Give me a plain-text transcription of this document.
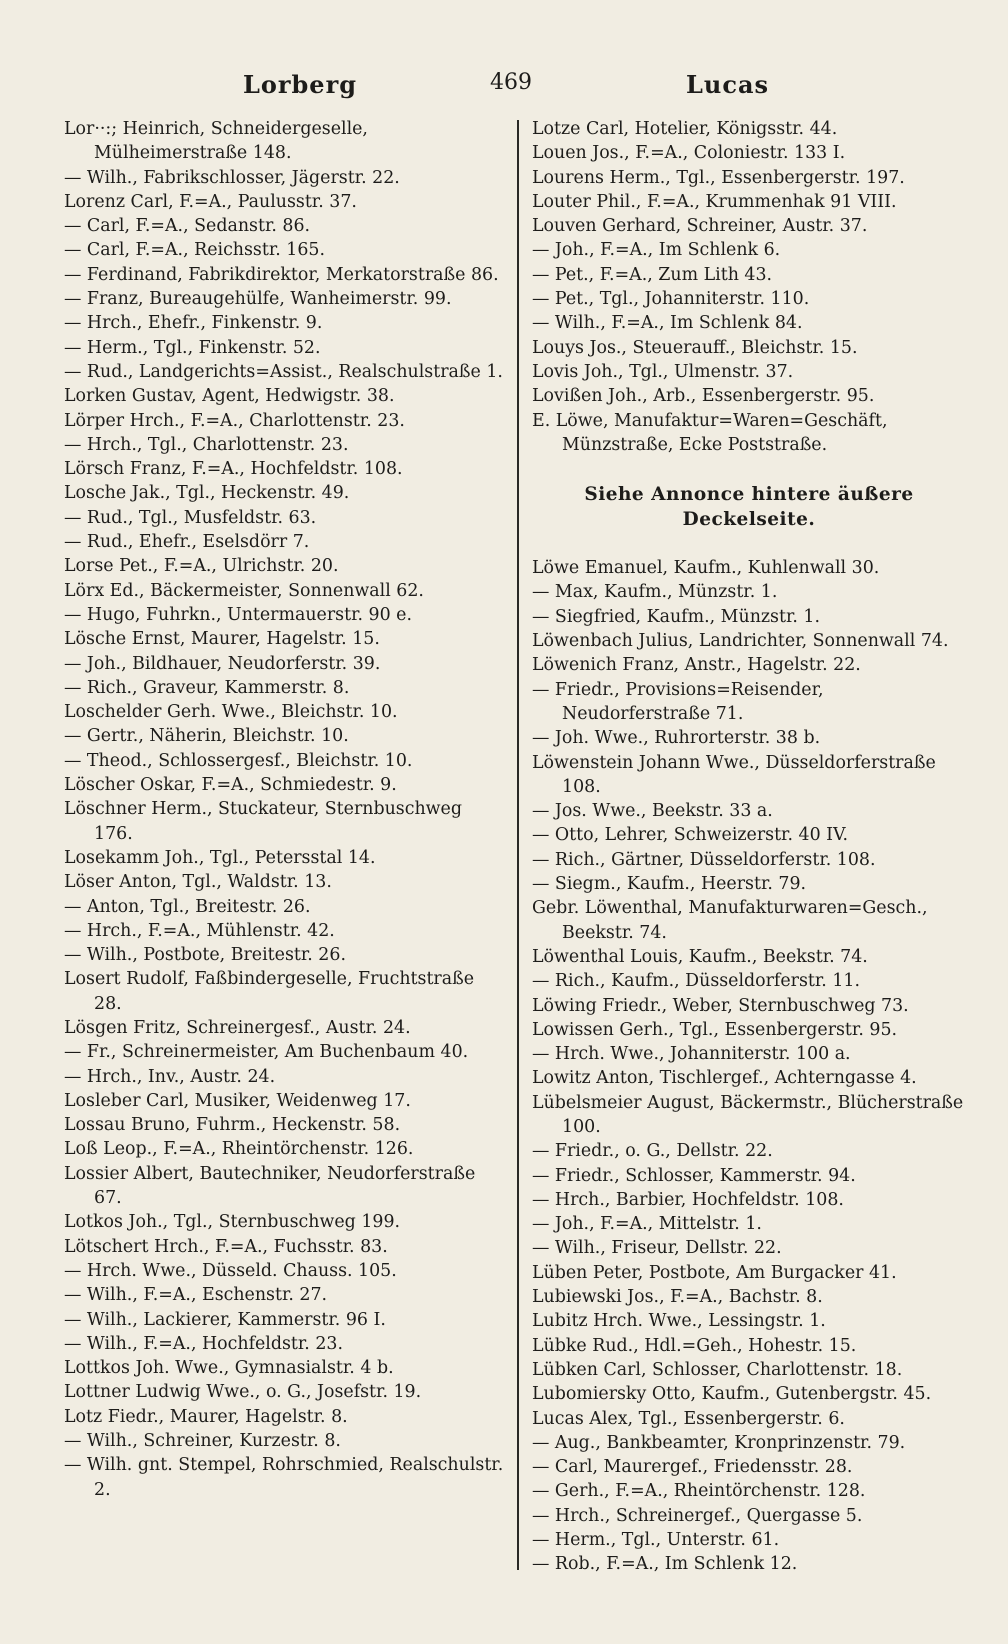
Lorberg	469	Lucas

Lor··:; Heinrich, Schneidergeselle, Mülheimerstraße 148.

— Wilh., Fabrikschlosser, Jägerstr. 22.

Lorenz Carl, F.=A., Paulusstr. 37.

— Carl, F.=A., Sedanstr. 86.

— Carl, F.=A., Reichsstr. 165.

— Ferdinand, Fabrikdirektor, Merkatorstraße 86.

— Franz, Bureaugehülfe, Wanheimerstr. 99.

— Hrch., Ehefr., Finkenstr. 9.

— Herm., Tgl., Finkenstr. 52.

— Rud., Landgerichts=Assist., Realschulstraße 1.

Lorken Gustav, Agent, Hedwigstr. 38.

Lörper Hrch., F.=A., Charlottenstr. 23.

— Hrch., Tgl., Charlottenstr. 23.

Lörsch Franz, F.=A., Hochfeldstr. 108.

Losche Jak., Tgl., Heckenstr. 49.

— Rud., Tgl., Musfeldstr. 63.

— Rud., Ehefr., Eselsdörr 7.

Lorse Pet., F.=A., Ulrichstr. 20.

Lörx Ed., Bäckermeister, Sonnenwall 62.

— Hugo, Fuhrkn., Untermauerstr. 90 e.

Lösche Ernst, Maurer, Hagelstr. 15.

— Joh., Bildhauer, Neudorferstr. 39.

— Rich., Graveur, Kammerstr. 8.

Loschelder Gerh. Wwe., Bleichstr. 10.

— Gertr., Näherin, Bleichstr. 10.

— Theod., Schlossergesf., Bleichstr. 10.

Löscher Oskar, F.=A., Schmiedestr. 9.

Löschner Herm., Stuckateur, Sternbuschweg 176.

Losekamm Joh., Tgl., Petersstal 14.

Löser Anton, Tgl., Waldstr. 13.

— Anton, Tgl., Breitestr. 26.

— Hrch., F.=A., Mühlenstr. 42.

— Wilh., Postbote, Breitestr. 26.

Losert Rudolf, Faßbindergeselle, Fruchtstraße 28.

Lösgen Fritz, Schreinergesf., Austr. 24.

— Fr., Schreinermeister, Am Buchenbaum 40.

— Hrch., Inv., Austr. 24.

Losleber Carl, Musiker, Weidenweg 17.

Lossau Bruno, Fuhrm., Heckenstr. 58.

Loß Leop., F.=A., Rheintörchenstr. 126.

Lossier Albert, Bautechniker, Neudorferstraße 67.

Lotkos Joh., Tgl., Sternbuschweg 199.

Lötschert Hrch., F.=A., Fuchsstr. 83.

— Hrch. Wwe., Düsseld. Chauss. 105.

— Wilh., F.=A., Eschenstr. 27.

— Wilh., Lackierer, Kammerstr. 96 I.

— Wilh., F.=A., Hochfeldstr. 23.

Lottkos Joh. Wwe., Gymnasialstr. 4 b.

Lottner Ludwig Wwe., o. G., Josefstr. 19.

Lotz Fiedr., Maurer, Hagelstr. 8.

— Wilh., Schreiner, Kurzestr. 8.

— Wilh. gnt. Stempel, Rohrschmied, Realschulstr. 2.

Lotze Carl, Hotelier, Königsstr. 44.

Louen Jos., F.=A., Coloniestr. 133 I.

Lourens Herm., Tgl., Essenbergerstr. 197.

Louter Phil., F.=A., Krummenhak 91 VIII.

Louven Gerhard, Schreiner, Austr. 37.

— Joh., F.=A., Im Schlenk 6.

— Pet., F.=A., Zum Lith 43.

— Pet., Tgl., Johanniterstr. 110.

— Wilh., F.=A., Im Schlenk 84.

Louys Jos., Steuerauff., Bleichstr. 15.

Lovis Joh., Tgl., Ulmenstr. 37.

Lovißen Joh., Arb., Essenbergerstr. 95.

E. Löwe, Manufaktur=Waren=Geschäft, Münzstraße, Ecke Poststraße.

Siehe Annonce hintere äußere
Deckelseite.

Löwe Emanuel, Kaufm., Kuhlenwall 30.

— Max, Kaufm., Münzstr. 1.

— Siegfried, Kaufm., Münzstr. 1.

Löwenbach Julius, Landrichter, Sonnenwall 74.

Löwenich Franz, Anstr., Hagelstr. 22.

— Friedr., Provisions=Reisender, Neudorferstraße 71.

— Joh. Wwe., Ruhrorterstr. 38 b.

Löwenstein Johann Wwe., Düsseldorferstraße 108.

— Jos. Wwe., Beekstr. 33 a.

— Otto, Lehrer, Schweizerstr. 40 IV.

— Rich., Gärtner, Düsseldorferstr. 108.

— Siegm., Kaufm., Heerstr. 79.

Gebr. Löwenthal, Manufakturwaren=Gesch., Beekstr. 74.

Löwenthal Louis, Kaufm., Beekstr. 74.

— Rich., Kaufm., Düsseldorferstr. 11.

Löwing Friedr., Weber, Sternbuschweg 73.

Lowissen Gerh., Tgl., Essenbergerstr. 95.

— Hrch. Wwe., Johanniterstr. 100 a.

Lowitz Anton, Tischlergef., Achterngasse 4.

Lübelsmeier August, Bäckermstr., Blücherstraße 100.

— Friedr., o. G., Dellstr. 22.

— Friedr., Schlosser, Kammerstr. 94.

— Hrch., Barbier, Hochfeldstr. 108.

— Joh., F.=A., Mittelstr. 1.

— Wilh., Friseur, Dellstr. 22.

Lüben Peter, Postbote, Am Burgacker 41.

Lubiewski Jos., F.=A., Bachstr. 8.

Lubitz Hrch. Wwe., Lessingstr. 1.

Lübke Rud., Hdl.=Geh., Hohestr. 15.

Lübken Carl, Schlosser, Charlottenstr. 18.

Lubomiersky Otto, Kaufm., Gutenbergstr. 45.

Lucas Alex, Tgl., Essenbergerstr. 6.

— Aug., Bankbeamter, Kronprinzenstr. 79.

— Carl, Maurergef., Friedensstr. 28.

— Gerh., F.=A., Rheintörchenstr. 128.

— Hrch., Schreinergef., Quergasse 5.

— Herm., Tgl., Unterstr. 61.

— Rob., F.=A., Im Schlenk 12.
